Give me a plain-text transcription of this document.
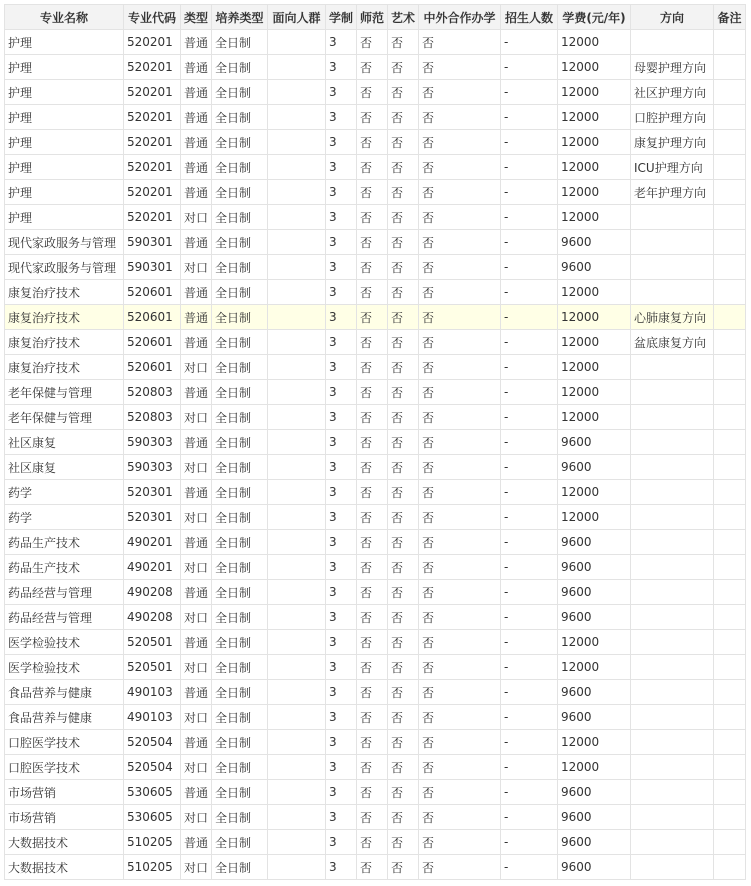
专业名称	专业代码	类型	培养类型	面向人群	学制	师范	艺术	中外合作办学	招生人数	学费(元/年)	方向	备注
护理	520201	普通	全日制		3	否	否	否	-	12000		
护理	520201	普通	全日制		3	否	否	否	-	12000	母婴护理方向	
护理	520201	普通	全日制		3	否	否	否	-	12000	社区护理方向	
护理	520201	普通	全日制		3	否	否	否	-	12000	口腔护理方向	
护理	520201	普通	全日制		3	否	否	否	-	12000	康复护理方向	
护理	520201	普通	全日制		3	否	否	否	-	12000	ICU护理方向	
护理	520201	普通	全日制		3	否	否	否	-	12000	老年护理方向	
护理	520201	对口	全日制		3	否	否	否	-	12000		
现代家政服务与管理	590301	普通	全日制		3	否	否	否	-	9600		
现代家政服务与管理	590301	对口	全日制		3	否	否	否	-	9600		
康复治疗技术	520601	普通	全日制		3	否	否	否	-	12000		
康复治疗技术	520601	普通	全日制		3	否	否	否	-	12000	心肺康复方向	
康复治疗技术	520601	普通	全日制		3	否	否	否	-	12000	盆底康复方向	
康复治疗技术	520601	对口	全日制		3	否	否	否	-	12000		
老年保健与管理	520803	普通	全日制		3	否	否	否	-	12000		
老年保健与管理	520803	对口	全日制		3	否	否	否	-	12000		
社区康复	590303	普通	全日制		3	否	否	否	-	9600		
社区康复	590303	对口	全日制		3	否	否	否	-	9600		
药学	520301	普通	全日制		3	否	否	否	-	12000		
药学	520301	对口	全日制		3	否	否	否	-	12000		
药品生产技术	490201	普通	全日制		3	否	否	否	-	9600		
药品生产技术	490201	对口	全日制		3	否	否	否	-	9600		
药品经营与管理	490208	普通	全日制		3	否	否	否	-	9600		
药品经营与管理	490208	对口	全日制		3	否	否	否	-	9600		
医学检验技术	520501	普通	全日制		3	否	否	否	-	12000		
医学检验技术	520501	对口	全日制		3	否	否	否	-	12000		
食品营养与健康	490103	普通	全日制		3	否	否	否	-	9600		
食品营养与健康	490103	对口	全日制		3	否	否	否	-	9600		
口腔医学技术	520504	普通	全日制		3	否	否	否	-	12000		
口腔医学技术	520504	对口	全日制		3	否	否	否	-	12000		
市场营销	530605	普通	全日制		3	否	否	否	-	9600		
市场营销	530605	对口	全日制		3	否	否	否	-	9600		
大数据技术	510205	普通	全日制		3	否	否	否	-	9600		
大数据技术	510205	对口	全日制		3	否	否	否	-	9600		
